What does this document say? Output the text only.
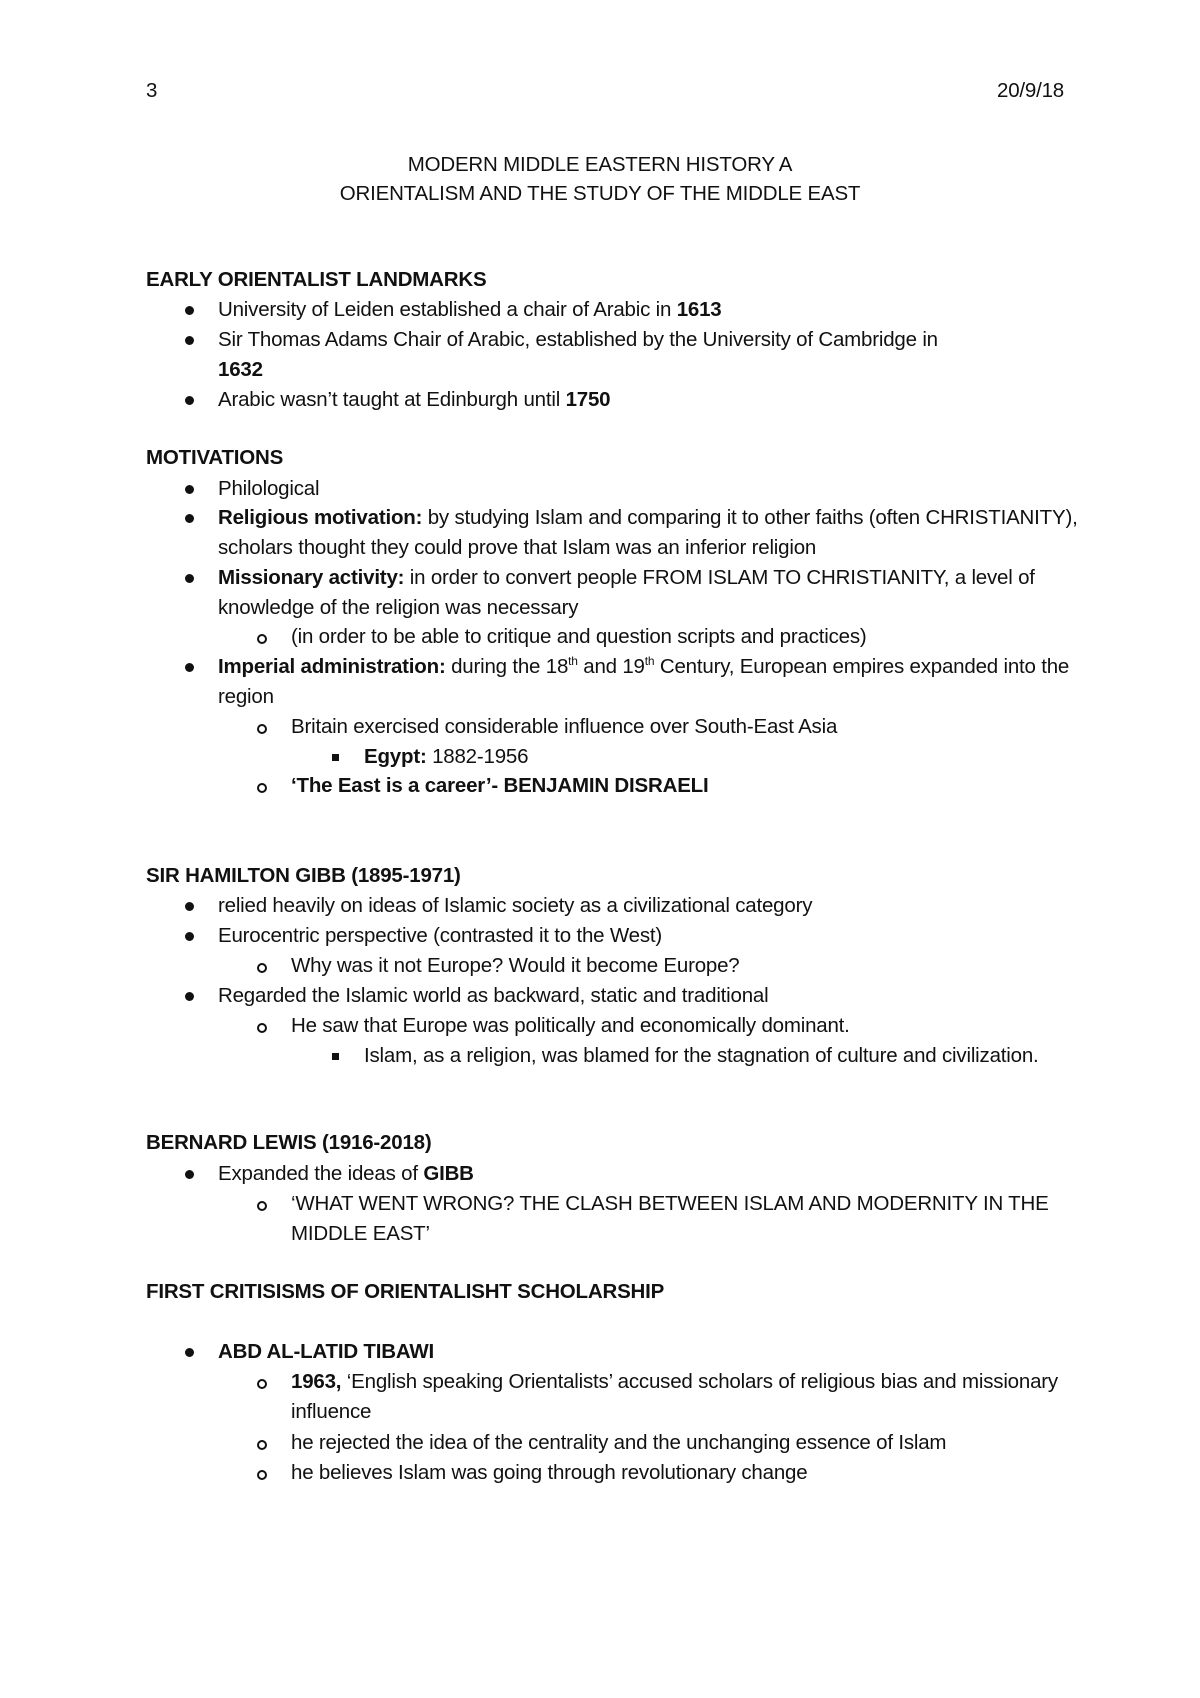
3	20/9/18
MODERN MIDDLE EASTERN HISTORY A
ORIENTALISM AND THE STUDY OF THE MIDDLE EAST
EARLY ORIENTALIST LANDMARKS
University of Leiden established a chair of Arabic in 1613
Sir Thomas Adams Chair of Arabic, established by the University of Cambridge in
1632
Arabic wasn’t taught at Edinburgh until 1750
MOTIVATIONS
Philological
Religious motivation: by studying Islam and comparing it to other faiths (often CHRISTIANITY), scholars thought they could prove that Islam was an inferior religion
Missionary activity: in order to convert people FROM ISLAM TO CHRISTIANITY, a level of knowledge of the religion was necessary
(in order to be able to critique and question scripts and practices)
Imperial administration: during the 18th and 19th Century, European empires expanded into the region
Britain exercised considerable influence over South-East Asia
Egypt: 1882-1956
‘The East is a career’- BENJAMIN DISRAELI
SIR HAMILTON GIBB (1895-1971)
relied heavily on ideas of Islamic society as a civilizational category
Eurocentric perspective (contrasted it to the West)
Why was it not Europe? Would it become Europe?
Regarded the Islamic world as backward, static and traditional
He saw that Europe was politically and economically dominant.
Islam, as a religion, was blamed for the stagnation of culture and civilization.
BERNARD LEWIS (1916-2018)
Expanded the ideas of GIBB
‘WHAT WENT WRONG? THE CLASH BETWEEN ISLAM AND MODERNITY IN THE MIDDLE EAST’
FIRST CRITISISMS OF ORIENTALISHT SCHOLARSHIP
ABD AL-LATID TIBAWI
1963, ‘English speaking Orientalists’ accused scholars of religious bias and missionary influence
he rejected the idea of the centrality and the unchanging essence of Islam
he believes Islam was going through revolutionary change
